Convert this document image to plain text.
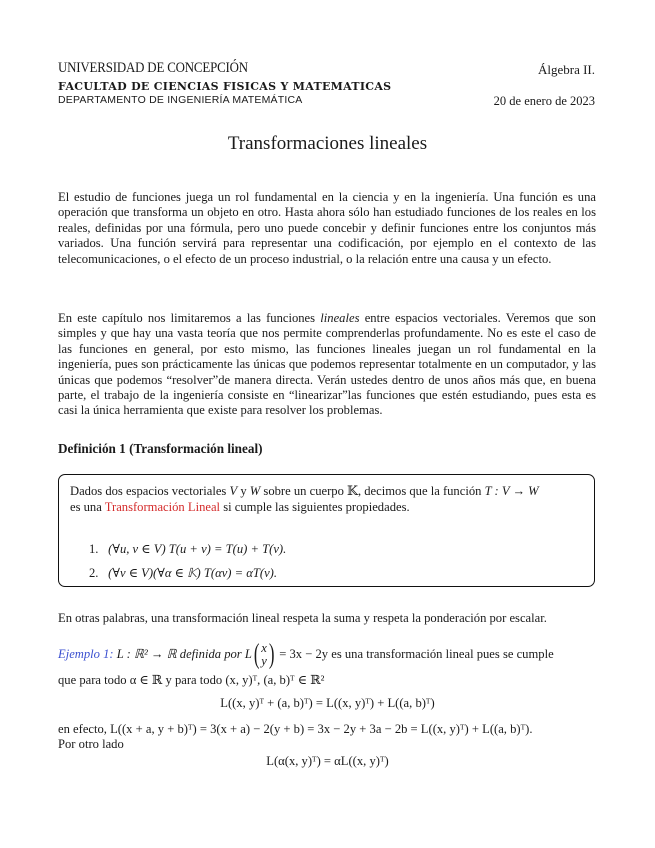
UNIVERSIDAD DE CONCEPCIÓN	Álgebra II.
FACULTAD DE CIENCIAS FISICAS Y MATEMATICAS
DEPARTAMENTO DE INGENIERÍA MATEMÁTICA	20 de enero de 2023
Transformaciones lineales
El estudio de funciones juega un rol fundamental en la ciencia y en la ingeniería. Una función es una operación que transforma un objeto en otro. Hasta ahora sólo han estudiado funciones de los reales en los reales, definidas por una fórmula, pero uno puede concebir y definir funciones entre los conjuntos más variados. Una función servirá para representar una codificación, por ejemplo en el contexto de las telecomunicaciones, o el efecto de un proceso industrial, o la relación entre una causa y un efecto.
En este capítulo nos limitaremos a las funciones lineales entre espacios vectoriales. Veremos que son simples y que hay una vasta teoría que nos permite comprenderlas profundamente. No es este el caso de las funciones en general, por esto mismo, las funciones lineales juegan un rol fundamental en la ingeniería, pues son prácticamente las únicas que podemos representar totalmente en un computador, y las únicas que podemos “resolver”de manera directa. Verán ustedes dentro de unos años más que, en buena parte, el trabajo de la ingeniería consiste en “linearizar”las funciones que estén estudiando, pues esta es casi la única herramienta que existe para resolver los problemas.
Definición 1 (Transformación lineal)
Dados dos espacios vectoriales V y W sobre un cuerpo 𝕂, decimos que la función T : V → W
es una Transformación Lineal si cumple las siguientes propiedades.
1. (∀u, v ∈ V) T(u + v) = T(u) + T(v).
2. (∀v ∈ V)(∀α ∈ 𝕂) T(αv) = αT(v).
En otras palabras, una transformación lineal respeta la suma y respeta la ponderación por escalar.
Ejemplo 1: L : ℝ² → ℝ definida por L( x
y) = 3x − 2y es una transformación lineal pues se cumple
que para todo α ∈ ℝ y para todo (x, y)ᵀ, (a, b)ᵀ ∈ ℝ²
L((x, y)ᵀ + (a, b)ᵀ) = L((x, y)ᵀ) + L((a, b)ᵀ)
en efecto, L((x + a, y + b)ᵀ) = 3(x + a) − 2(y + b) = 3x − 2y + 3a − 2b = L((x, y)ᵀ) + L((a, b)ᵀ).
Por otro lado
L(α(x, y)ᵀ) = αL((x, y)ᵀ)
